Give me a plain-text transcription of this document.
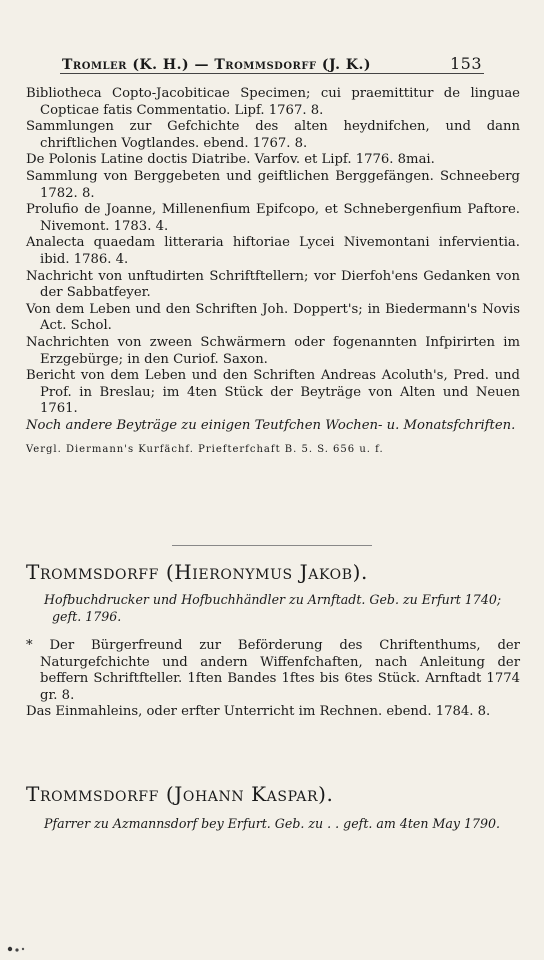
Tromler (K. H.) — Trommsdorff (J. K.)	153

Bibliotheca Copto-Jacobiticae Specimen; cui praemittitur de linguae Copticae fatis Commentatio. Lipf. 1767. 8.

Sammlungen zur Gefchichte des alten heydnifchen, und dann chriftlichen Vogtlandes. ebend. 1767. 8.

De Polonis Latine doctis Diatribe. Varfov. et Lipf. 1776. 8mai.

Sammlung von Berggebeten und geiftlichen Berggefängen. Schneeberg 1782. 8.

Prolufio de Joanne, Millenenfium Epifcopo, et Schnebergenfium Paftore. Nivemont. 1783. 4.

Analecta quaedam litteraria hiftoriae Lycei Nivemontani infervientia. ibid. 1786. 4.

Nachricht von unftudirten Schriftftellern; vor Dierfoh'ens Gedanken von der Sabbatfeyer.

Von dem Leben und den Schriften Joh. Doppert's; in Biedermann's Novis Act. Schol.

Nachrichten von zween Schwärmern oder fogenannten Infpirirten im Erzgebürge; in den Curiof. Saxon.

Bericht von dem Leben und den Schriften Andreas Acoluth's, Pred. und Prof. in Breslau; im 4ten Stück der Beyträge von Alten und Neuen 1761.

Noch andere Beyträge zu einigen Teutfchen Wochen- u. Monatsfchriften.

Vergl. Diermann's Kurfächf. Priefterfchaft B. 5. S. 656 u. f.

Trommsdorff (Hieronymus Jakob).
Hofbuchdrucker und Hofbuchhändler zu Arnftadt. Geb. zu Erfurt 1740; geft. 1796.

* Der Bürgerfreund zur Beförderung des Chriftenthums, der Naturgefchichte und andern Wiffenfchaften, nach Anleitung der beffern Schriftfteller. 1ften Bandes 1ftes bis 6tes Stück. Arnftadt 1774 gr. 8.

Das Einmahleins, oder erfter Unterricht im Rechnen. ebend. 1784. 8.

Trommsdorff (Johann Kaspar).
Pfarrer zu Azmannsdorf bey Erfurt. Geb. zu . . geft. am 4ten May 1790.
